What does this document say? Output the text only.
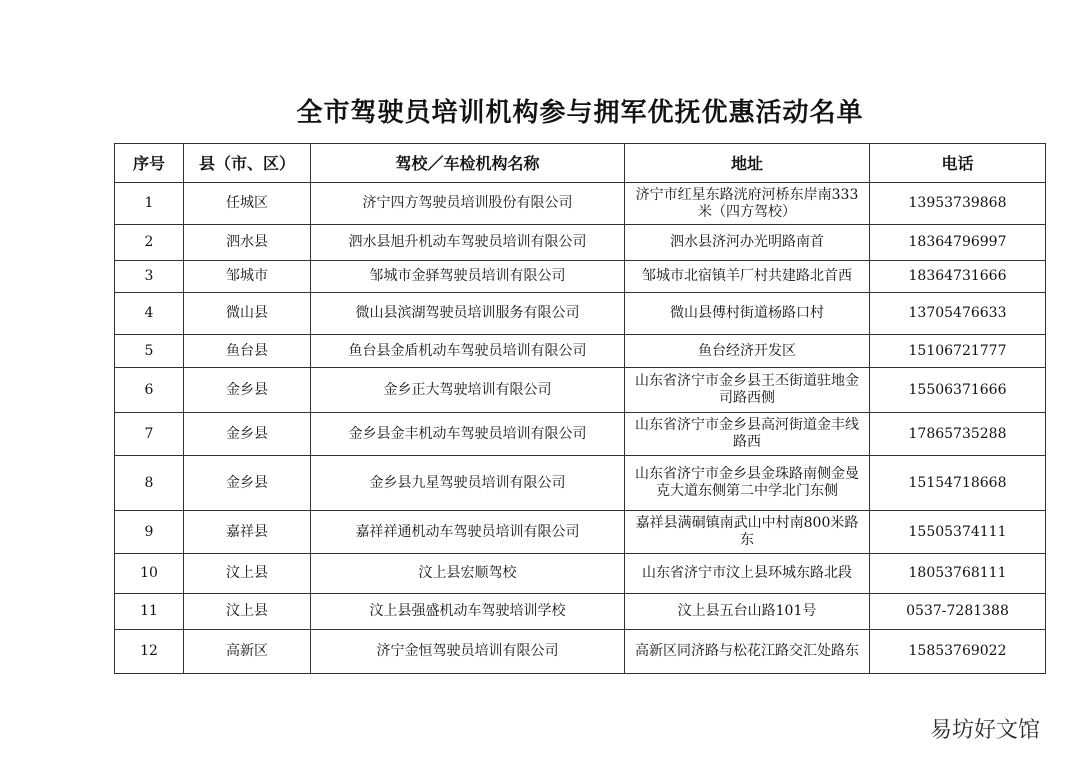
全市驾驶员培训机构参与拥军优抚优惠活动名单
序号	县（市、区）	驾校／车检机构名称	地址	电话
1	任城区	济宁四方驾驶员培训股份有限公司	济宁市红星东路洸府河桥东岸南333米（四方驾校）	13953739868
2	泗水县	泗水县旭升机动车驾驶员培训有限公司	泗水县济河办光明路南首	18364796997
3	邹城市	邹城市金驿驾驶员培训有限公司	邹城市北宿镇羊厂村共建路北首西	18364731666
4	微山县	微山县滨湖驾驶员培训服务有限公司	微山县傅村街道杨路口村	13705476633
5	鱼台县	鱼台县金盾机动车驾驶员培训有限公司	鱼台经济开发区	15106721777
6	金乡县	金乡正大驾驶培训有限公司	山东省济宁市金乡县王丕街道驻地金司路西侧	15506371666
7	金乡县	金乡县金丰机动车驾驶员培训有限公司	山东省济宁市金乡县高河街道金丰线路西	17865735288
8	金乡县	金乡县九星驾驶员培训有限公司	山东省济宁市金乡县金珠路南侧金曼克大道东侧第二中学北门东侧	15154718668
9	嘉祥县	嘉祥祥通机动车驾驶员培训有限公司	嘉祥县满硐镇南武山中村南800米路东	15505374111
10	汶上县	汶上县宏顺驾校	山东省济宁市汶上县环城东路北段	18053768111
11	汶上县	汶上县强盛机动车驾驶培训学校	汶上县五台山路101号	0537-7281388
12	高新区	济宁金恒驾驶员培训有限公司	高新区同济路与松花江路交汇处路东	15853769022
易坊好文馆
